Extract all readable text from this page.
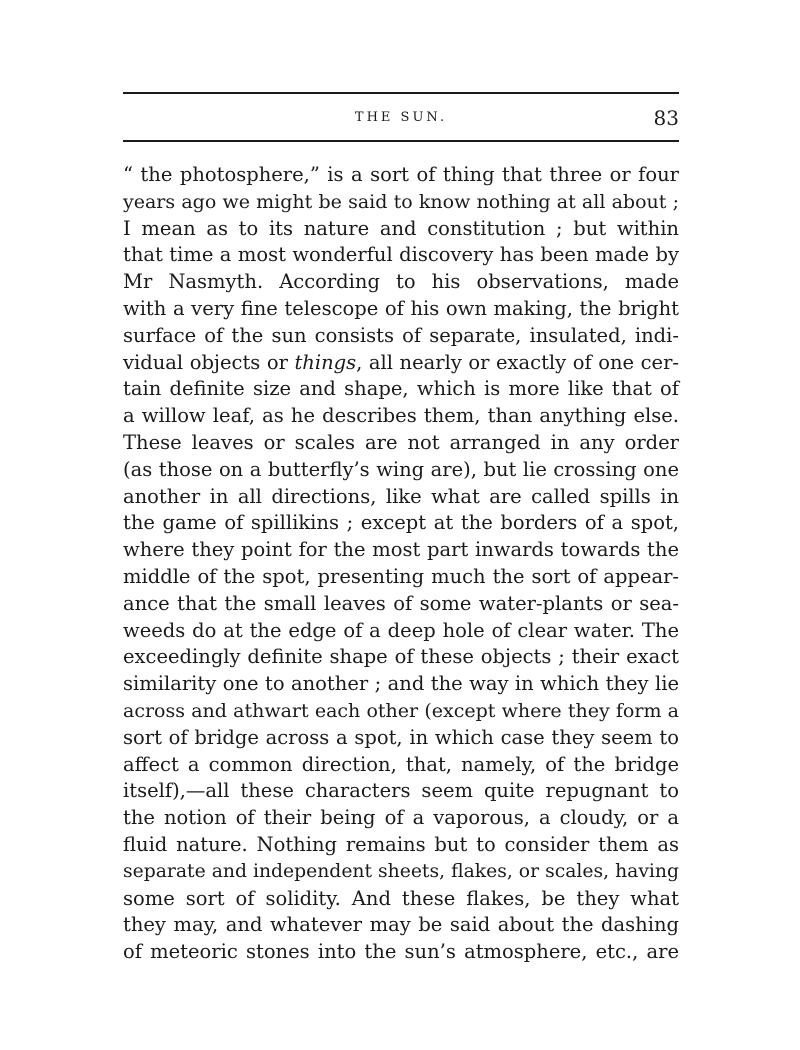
THE SUN.	83
“ the photosphere,” is a sort of thing that three or four
years ago we might be said to know nothing at all about ;
I mean as to its nature and constitution ; but within
that time a most wonderful discovery has been made by
Mr Nasmyth. According to his observations, made
with a very fine telescope of his own making, the bright
surface of the sun consists of separate, insulated, indi-
vidual objects or things, all nearly or exactly of one cer-
tain definite size and shape, which is more like that of
a willow leaf, as he describes them, than anything else.
These leaves or scales are not arranged in any order
(as those on a butterfly’s wing are), but lie crossing one
another in all directions, like what are called spills in
the game of spillikins ; except at the borders of a spot,
where they point for the most part inwards towards the
middle of the spot, presenting much the sort of appear-
ance that the small leaves of some water-plants or sea-
weeds do at the edge of a deep hole of clear water. The
exceedingly definite shape of these objects ; their exact
similarity one to another ; and the way in which they lie
across and athwart each other (except where they form a
sort of bridge across a spot, in which case they seem to
affect a common direction, that, namely, of the bridge
itself),—all these characters seem quite repugnant to
the notion of their being of a vaporous, a cloudy, or a
fluid nature. Nothing remains but to consider them as
separate and independent sheets, flakes, or scales, having
some sort of solidity. And these flakes, be they what
they may, and whatever may be said about the dashing
of meteoric stones into the sun’s atmosphere, etc., are
